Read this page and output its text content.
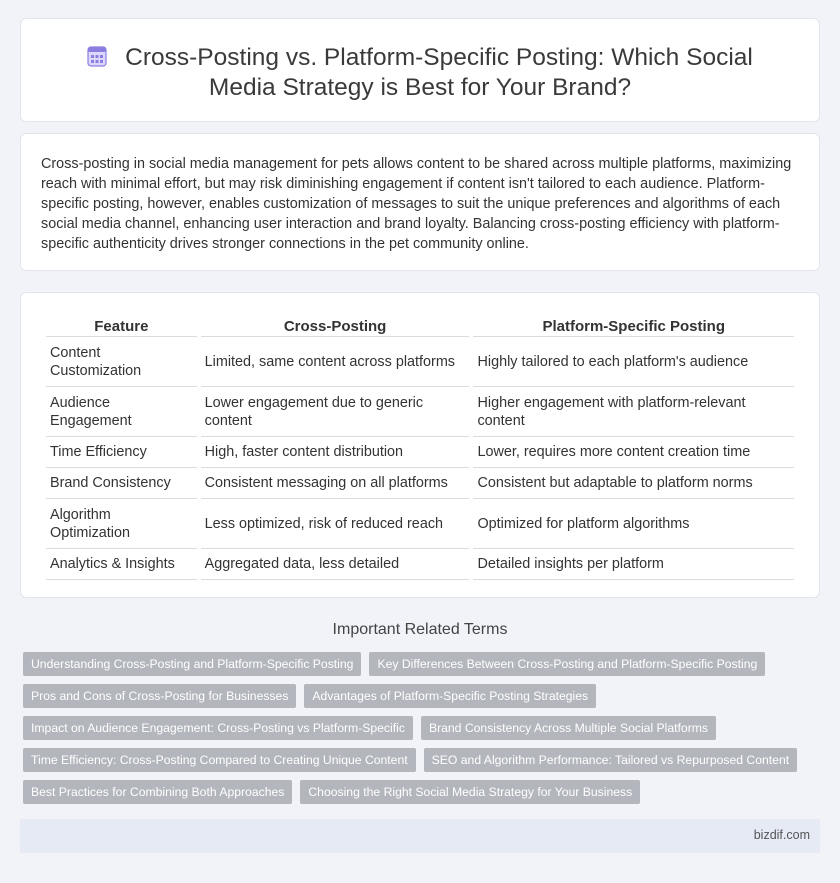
Cross-Posting vs. Platform-Specific Posting: Which Social Media Strategy is Best for Your Brand?

Cross-posting in social media management for pets allows content to be shared across multiple platforms, maximizing reach with minimal effort, but may risk diminishing engagement if content isn't tailored to each audience. Platform-specific posting, however, enables customization of messages to suit the unique preferences and algorithms of each social media channel, enhancing user interaction and brand loyalty. Balancing cross-posting efficiency with platform-specific authenticity drives stronger connections in the pet community online.

Feature	Cross-Posting	Platform-Specific Posting
Content Customization	Limited, same content across platforms	Highly tailored to each platform's audience
Audience Engagement	Lower engagement due to generic content	Higher engagement with platform-relevant content
Time Efficiency	High, faster content distribution	Lower, requires more content creation time
Brand Consistency	Consistent messaging on all platforms	Consistent but adaptable to platform norms
Algorithm Optimization	Less optimized, risk of reduced reach	Optimized for platform algorithms
Analytics & Insights	Aggregated data, less detailed	Detailed insights per platform
Important Related Terms
Understanding Cross-Posting and Platform-Specific Posting	Key Differences Between Cross-Posting and Platform-Specific Posting
Pros and Cons of Cross-Posting for Businesses	Advantages of Platform-Specific Posting Strategies
Impact on Audience Engagement: Cross-Posting vs Platform-Specific	Brand Consistency Across Multiple Social Platforms
Time Efficiency: Cross-Posting Compared to Creating Unique Content	SEO and Algorithm Performance: Tailored vs Repurposed Content
Best Practices for Combining Both Approaches	Choosing the Right Social Media Strategy for Your Business
bizdif.com
